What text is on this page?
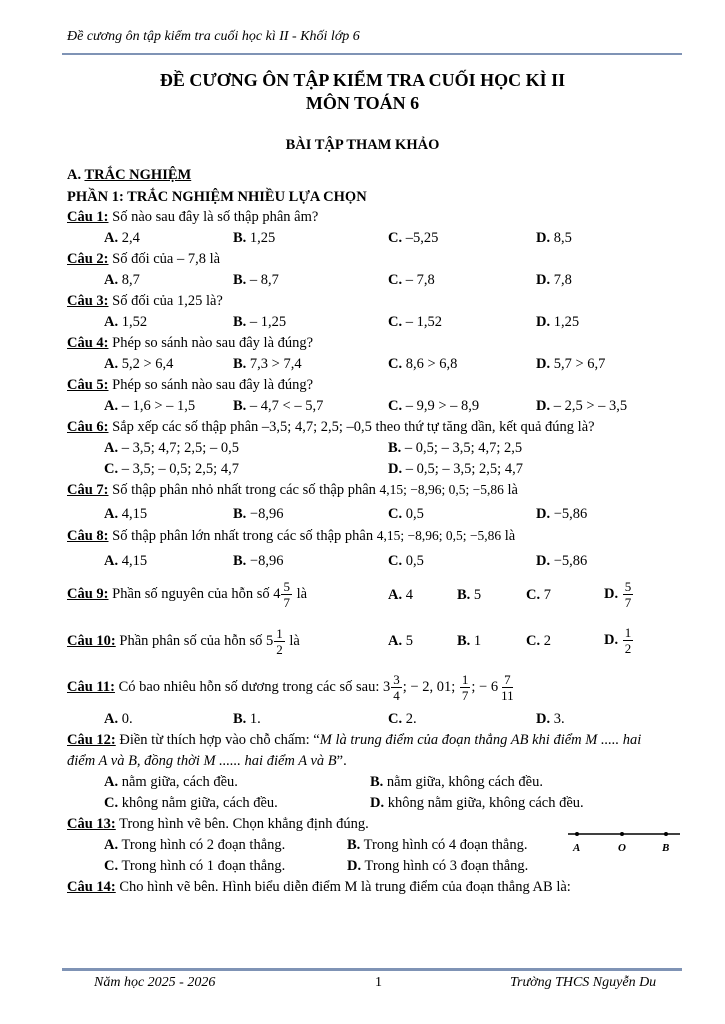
Đề cương ôn tập kiểm tra cuối học kì II - Khối lớp 6
ĐỀ CƯƠNG ÔN TẬP KIỂM TRA CUỐI HỌC KÌ II
MÔN TOÁN 6
BÀI TẬP THAM KHẢO
A. TRẮC NGHIỆM
PHẦN 1: TRẮC NGHIỆM NHIỀU LỰA CHỌN
Câu 1: Số nào sau đây là số thập phân âm?
A. 2,4	B. 1,25	C. –5,25	D. 8,5
Câu 2: Số đối của – 7,8 là
A. 8,7	B. – 8,7	C. – 7,8	D. 7,8
Câu 3: Số đối của 1,25 là?
A. 1,52	B. – 1,25	C. – 1,52	D. 1,25
Câu 4: Phép so sánh nào sau đây là đúng?
A. 5,2 > 6,4	B. 7,3 > 7,4	C. 8,6 > 6,8	D. 5,7 > 6,7
Câu 5: Phép so sánh nào sau đây là đúng?
A. – 1,6 > – 1,5	B. – 4,7 < – 5,7	C. – 9,9 > – 8,9	D. – 2,5 > – 3,5
Câu 6: Sắp xếp các số thập phân –3,5; 4,7; 2,5; –0,5 theo thứ tự tăng dần, kết quả đúng là?
A. – 3,5; 4,7; 2,5; – 0,5	B. – 0,5; – 3,5; 4,7; 2,5
C. – 3,5; – 0,5; 2,5; 4,7	D. – 0,5; – 3,5; 2,5; 4,7
Câu 7: Số thập phân nhỏ nhất trong các số thập phân 4,15; −8,96; 0,5; −5,86 là
A. 4,15	B. −8,96	C. 0,5	D. −5,86
Câu 8: Số thập phân lớn nhất trong các số thập phân 4,15; −8,96; 0,5; −5,86 là
A. 4,15	B. −8,96	C. 0,5	D. −5,86
Câu 9: Phần số nguyên của hỗn số $4 \frac{5}{7}$ là	A. 4	B. 5	C. 7	D. $\frac{5}{7}$
Câu 10: Phần phân số của hỗn số $5 \frac{1}{2}$ là	A. 5	B. 1	C. 2	D. $\frac{1}{2}$
Câu 11: Có bao nhiêu hỗn số dương trong các số sau: $3 \frac{3}{4}$ ; − 2, 01; $\frac{1}{7}$ ; − $6 \frac{7}{11}$
A. 0.	B. 1.	C. 2.	D. 3.
Câu 12: Điền từ thích hợp vào chỗ chấm: “M là trung điểm của đoạn thẳng AB khi điểm M ..... hai
điểm A và B, đồng thời M ...... hai điểm A và B”.
A. nằm giữa, cách đều.	B. nằm giữa, không cách đều.
C. không nằm giữa, cách đều.	D. không nằm giữa, không cách đều.
Câu 13: Trong hình vẽ bên. Chọn khẳng định đúng.
A. Trong hình có 2 đoạn thẳng.	B. Trong hình có 4 đoạn thẳng.
C. Trong hình có 1 đoạn thẳng.	D. Trong hình có 3 đoạn thẳng.
A	O	B
Câu 14: Cho hình vẽ bên. Hình biểu diễn điểm M là trung điểm của đoạn thẳng AB là:
Năm học 2025 - 2026	1	Trường THCS Nguyễn Du
